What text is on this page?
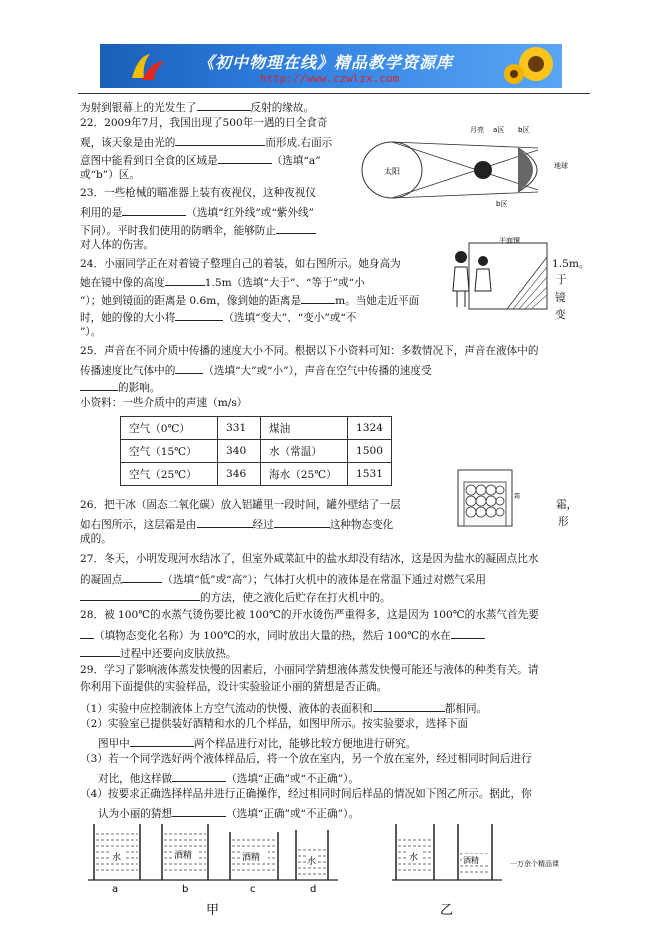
《初中物理在线》精品教学资源库
http://www.czwlzx.com
为射到银幕上的光发生了	反射的缘故。
22．2009年7月，我国出现了500年一遇的日全食奇
观，该天象是由光的	而形成.右面示
意图中能看到日全食的区域是	（选填“a”
或“b”）区。	太阳
月亮 a区 b区
b区
地球
23．一些枪械的瞄准器上装有夜视仪，这种夜视仪
利用的是	（选填“红外线”或“紫外线”
下同）。平时我们使用的防晒伞，能够防止
对人体的伤害。
24．小丽同学正在对着镜子整理自己的着装，如右图所示。她身高为	1.5m。
她在镜中像的高度	1.5m（选填“大于”、“等于”或“小	于
”）；她到镜面的距离是 0.6m，像到她的距离是	m。当她走近平面	镜
时，她的像的大小将	（选填“变大”、“变小”或“不	变
”）。
平面镜
25．声音在不同介质中传播的速度大小不同。根据以下小资料可知：多数情况下，声音在液体中的
传播速度比气体中的	（选填“大”或“小”），声音在空气中传播的速度受
的影响。
小资料：一些介质中的声速（m/s）
空气（0℃）	331	煤油	1324
空气（15℃）	340	水（常温）	1500
空气（25℃）	346	海水（25℃）	1531
26．把干冰（固态二氧化碳）放入铝罐里一段时间，罐外壁结了一层	霜，
如右图所示，这层霜是由	经过	这种物态变化	形
成的。
霜
27．冬天，小明发现河水结冰了，但室外咸菜缸中的盐水却没有结冰，这是因为盐水的凝固点比水
的凝固点	（选填“低”或“高”）；气体打火机中的液体是在常温下通过对燃气采用
的方法，使之液化后贮存在打火机中的。
28．被 100℃的水蒸气烫伤要比被 100℃的开水烫伤严重得多，这是因为 100℃的水蒸气首先要
（填物态变化名称）为 100℃的水，同时放出大量的热，然后 100℃的水在
过程中还要向皮肤放热。
29．学习了影响液体蒸发快慢的因素后，小丽同学猜想液体蒸发快慢可能还与液体的种类有关。请
你利用下面提供的实验样品，设计实验验证小丽的猜想是否正确。
（1）实验中应控制液体上方空气流动的快慢、液体的表面积和	都相同。
（2）实验室已提供装好酒精和水的几个样品，如图甲所示。按实验要求，选择下面
图甲中	两个样品进行对比，能够比较方便地进行研究。
（3）若一个同学选好两个液体样品后，将一个放在室内，另一个放在室外，经过相同时间后进行
对比，他这样做	（选填“正确”或“不正确”）。
（4）按要求正确选择样品并进行正确操作，经过相同时间后样品的情况如下图乙所示。据此，你
认为小丽的猜想	（选填“正确”或“不正确”）。
水	酒精	酒精	水
a	b	c	d
甲
水	酒精	一万余个精品课
乙
